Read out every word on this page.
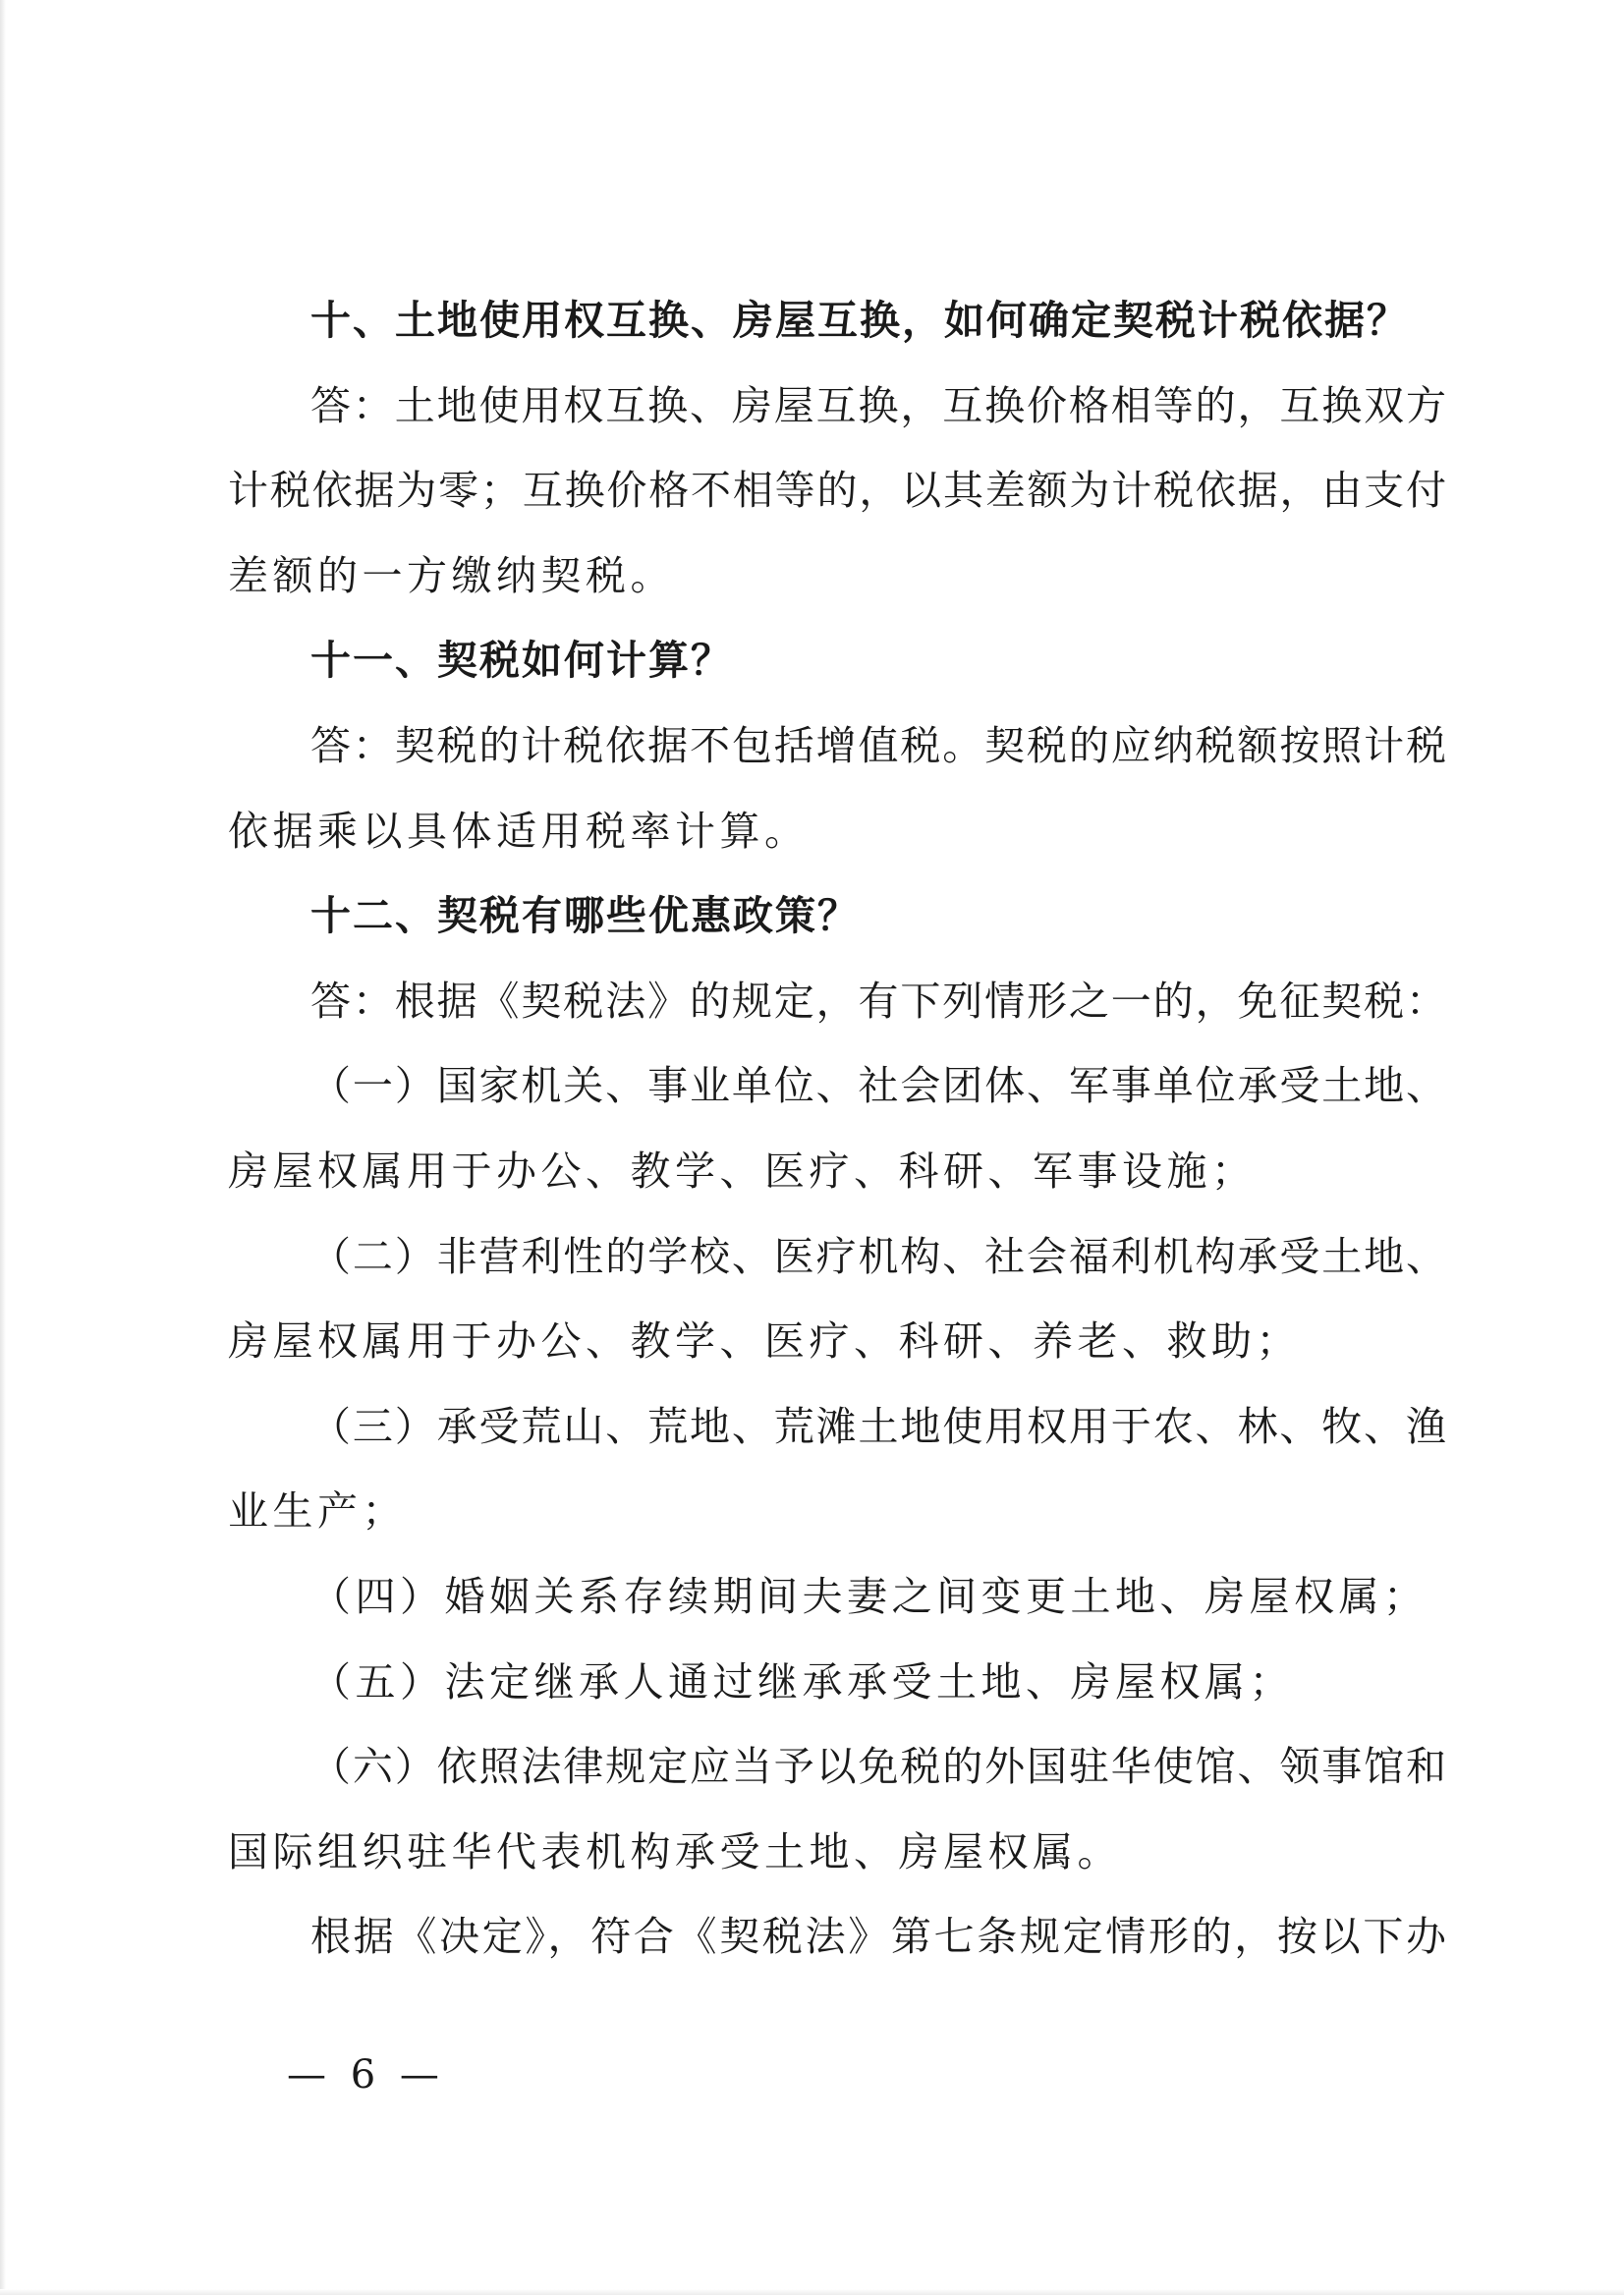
十、土地使用权互换、房屋互换，如何确定契税计税依据？
答：土地使用权互换、房屋互换，互换价格相等的，互换双方
计税依据为零；互换价格不相等的，以其差额为计税依据，由支付
差额的一方缴纳契税。
十一、契税如何计算？
答：契税的计税依据不包括增值税。契税的应纳税额按照计税
依据乘以具体适用税率计算。
十二、契税有哪些优惠政策？
答：根据《契税法》的规定，有下列情形之一的，免征契税：
（一）国家机关、事业单位、社会团体、军事单位承受土地、
房屋权属用于办公、教学、医疗、科研、军事设施；
（二）非营利性的学校、医疗机构、社会福利机构承受土地、
房屋权属用于办公、教学、医疗、科研、养老、救助；
（三）承受荒山、荒地、荒滩土地使用权用于农、林、牧、渔
业生产；
（四）婚姻关系存续期间夫妻之间变更土地、房屋权属；
（五）法定继承人通过继承承受土地、房屋权属；
（六）依照法律规定应当予以免税的外国驻华使馆、领事馆和
国际组织驻华代表机构承受土地、房屋权属。
根据《决定》，符合《契税法》第七条规定情形的，按以下办
— 6 —
